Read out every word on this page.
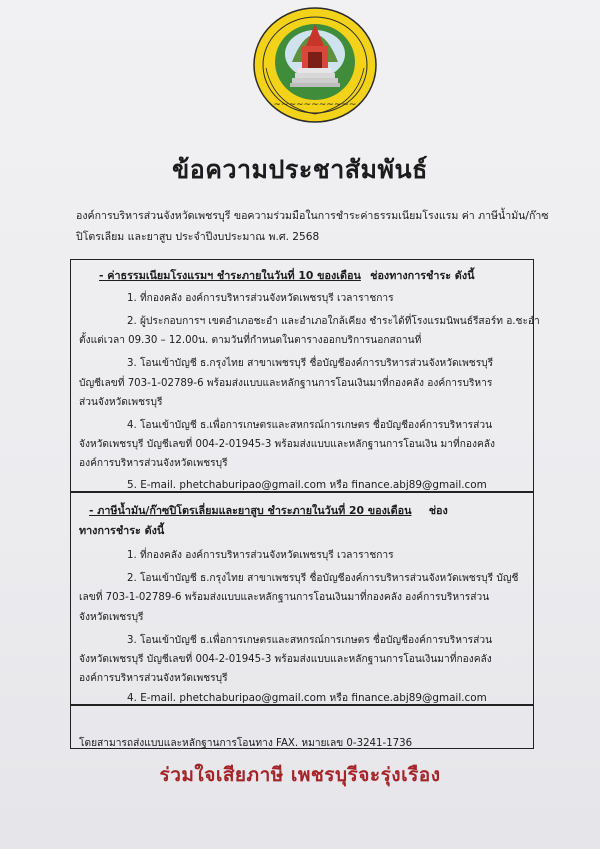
~~~~~~~~~~~
ข้อความประชาสัมพันธ์
องค์การบริหารส่วนจังหวัดเพชรบุรี ขอความร่วมมือในการชำระค่าธรรมเนียมโรงแรม ค่า ภาษีน้ำมัน/ก๊าซ
ปิโตรเลียม และยาสูบ ประจำปีงบประมาณ พ.ศ. 2568
- ค่าธรรมเนียมโรงแรมฯ ชำระภายในวันที่ 10 ของเดือน ช่องทางการชำระ ดังนี้
1. ที่กองคลัง องค์การบริหารส่วนจังหวัดเพชรบุรี เวลาราชการ
2. ผู้ประกอบการฯ เขตอำเภอชะอำ และอำเภอใกล้เคียง ชำระได้ที่โรงแรมนิพนธ์รีสอร์ท อ.ชะอำ
ตั้งแต่เวลา 09.30 – 12.00น. ตามวันที่กำหนดในตารางออกบริการนอกสถานที่
3. โอนเข้าบัญชี ธ.กรุงไทย สาขาเพชรบุรี ชื่อบัญชีองค์การบริหารส่วนจังหวัดเพชรบุรี
บัญชีเลขที่ 703-1-02789-6 พร้อมส่งแบบและหลักฐานการโอนเงินมาที่กองคลัง องค์การบริหาร
ส่วนจังหวัดเพชรบุรี
4. โอนเข้าบัญชี ธ.เพื่อการเกษตรและสหกรณ์การเกษตร ชื่อบัญชีองค์การบริหารส่วน
จังหวัดเพชรบุรี บัญชีเลขที่ 004-2-01945-3 พร้อมส่งแบบและหลักฐานการโอนเงิน มาที่กองคลัง
องค์การบริหารส่วนจังหวัดเพชรบุรี
5. E-mail. phetchaburipao@gmail.com หรือ finance.abj89@gmail.com
- ภาษีน้ำมัน/ก๊าซปิโตรเลี่ยมและยาสูบ ชำระภายในวันที่ 20 ของเดือน ช่อง
ทางการชำระ ดังนี้
1. ที่กองคลัง องค์การบริหารส่วนจังหวัดเพชรบุรี เวลาราชการ
2. โอนเข้าบัญชี ธ.กรุงไทย สาขาเพชรบุรี ชื่อบัญชีองค์การบริหารส่วนจังหวัดเพชรบุรี บัญชี
เลขที่ 703-1-02789-6 พร้อมส่งแบบและหลักฐานการโอนเงินมาที่กองคลัง องค์การบริหารส่วน
จังหวัดเพชรบุรี
3. โอนเข้าบัญชี ธ.เพื่อการเกษตรและสหกรณ์การเกษตร ชื่อบัญชีองค์การบริหารส่วน
จังหวัดเพชรบุรี บัญชีเลขที่ 004-2-01945-3 พร้อมส่งแบบและหลักฐานการโอนเงินมาที่กองคลัง
องค์การบริหารส่วนจังหวัดเพชรบุรี
4. E-mail. phetchaburipao@gmail.com หรือ finance.abj89@gmail.com
โดยสามารถส่งแบบและหลักฐานการโอนทาง FAX. หมายเลข 0-3241-1736
ร่วมใจเสียภาษี เพชรบุรีจะรุ่งเรือง
